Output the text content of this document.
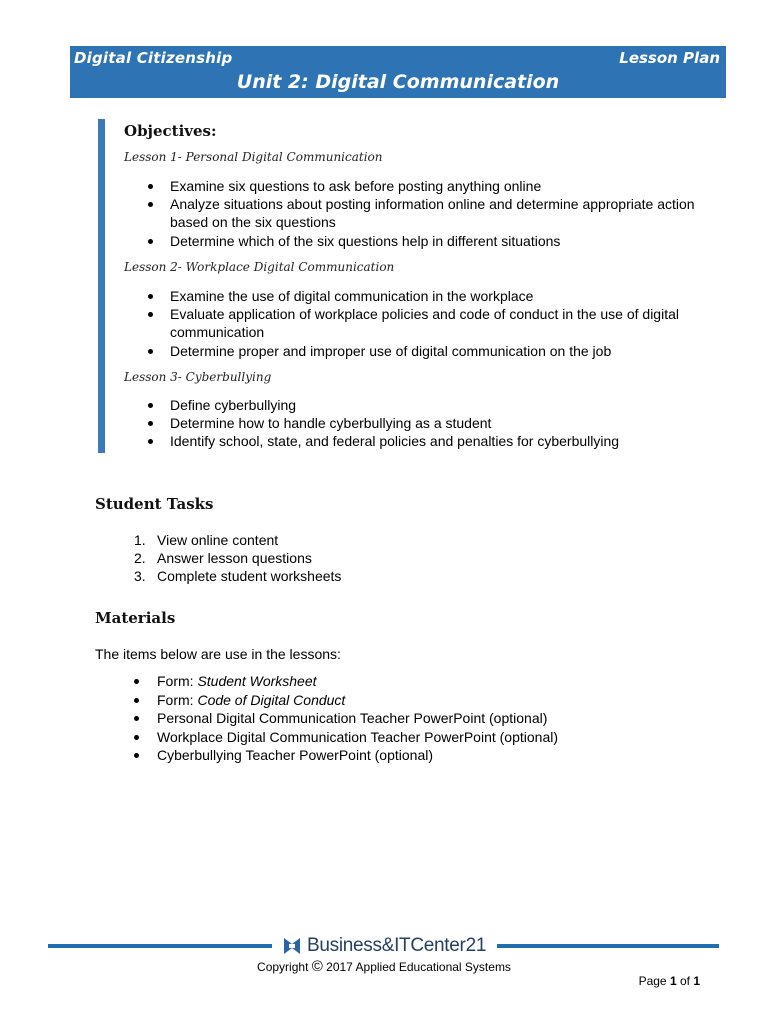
Digital Citizenship	Lesson Plan
Unit 2: Digital Communication
Objectives:
Lesson 1- Personal Digital Communication
Examine six questions to ask before posting anything online
Analyze situations about posting information online and determine appropriate action based on the six questions
Determine which of the six questions help in different situations
Lesson 2- Workplace Digital Communication
Examine the use of digital communication in the workplace
Evaluate application of workplace policies and code of conduct in the use of digital communication
Determine proper and improper use of digital communication on the job
Lesson 3- Cyberbullying
Define cyberbullying
Determine how to handle cyberbullying as a student
Identify school, state, and federal policies and penalties for cyberbullying
Student Tasks
1. View online content
2. Answer lesson questions
3. Complete student worksheets
Materials
The items below are use in the lessons:
Form: Student Worksheet
Form: Code of Digital Conduct
Personal Digital Communication Teacher PowerPoint (optional)
Workplace Digital Communication Teacher PowerPoint (optional)
Cyberbullying Teacher PowerPoint (optional)
Business&ITCenter21
Copyright © 2017 Applied Educational Systems
Page 1 of 1
